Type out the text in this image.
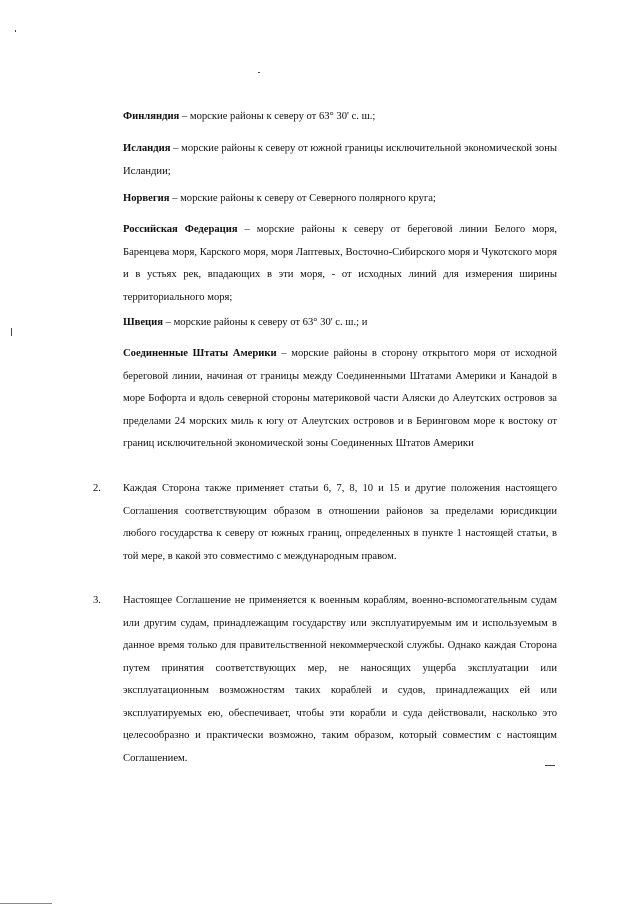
Финляндия – морские районы к северу от 63° 30' с. ш.;
Исландия – морские районы к северу от южной границы исключительной экономической зоны Исландии;
Норвегия – морские районы к северу от Северного полярного круга;
Российская Федерация – морские районы к северу от береговой линии Белого моря, Баренцева моря, Карского моря, моря Лаптевых, Восточно-Сибирского моря и Чукотского моря и в устьях рек, впадающих в эти моря, - от исходных линий для измерения ширины территориального моря;
Швеция – морские районы к северу от 63° 30' с. ш.; и
Соединенные Штаты Америки – морские районы в сторону открытого моря от исходной береговой линии, начиная от границы между Соединенными Штатами Америки и Канадой в море Бофорта и вдоль северной стороны материковой части Аляски до Алеутских островов за пределами 24 морских миль к югу от Алеутских островов и в Беринговом море к востоку от границ исключительной экономической зоны Соединенных Штатов Америки
2. Каждая Сторона также применяет статьи 6, 7, 8, 10 и 15 и другие положения настоящего Соглашения соответствующим образом в отношении районов за пределами юрисдикции любого государства к северу от южных границ, определенных в пункте 1 настоящей статьи, в той мере, в какой это совместимо с международным правом.
3. Настоящее Соглашение не применяется к военным кораблям, военно-вспомогательным судам или другим судам, принадлежащим государству или эксплуатируемым им и используемым в данное время только для правительственной некоммерческой службы. Однако каждая Сторона путем принятия соответствующих мер, не наносящих ущерба эксплуатации или эксплуатационным возможностям таких кораблей и судов, принадлежащих ей или эксплуатируемых ею, обеспечивает, чтобы эти корабли и суда действовали, насколько это целесообразно и практически возможно, таким образом, который совместим с настоящим Соглашением.
